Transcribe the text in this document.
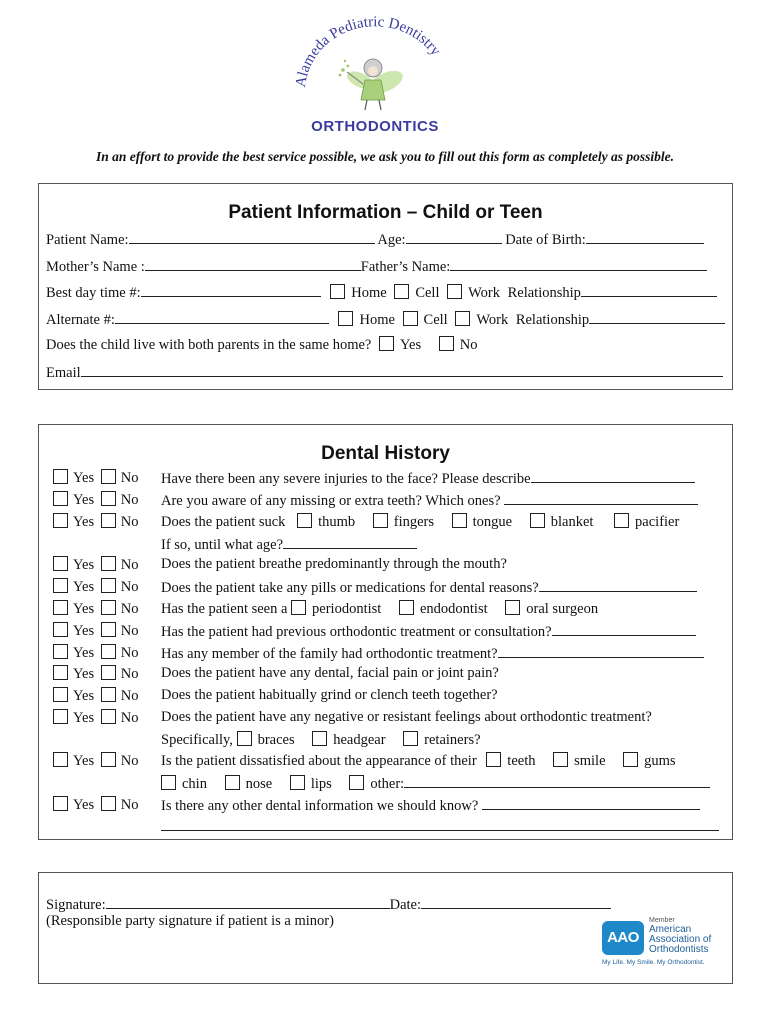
Alameda Pediatric Dentistry
ORTHODONTICS
In an effort to provide the best service possible, we ask you to fill out this form as completely as possible.
Patient Information – Child or Teen
Patient Name:	Age:	Date of Birth:
Mother’s Name :	Father’s Name:
Best day time #:	Home Cell Work Relationship
Alternate #:	Home Cell Work Relationship
Does the child live with both parents in the same home? Yes	No
Email
Dental History
Yes No Have there been any severe injuries to the face? Please describe
Yes No Are you aware of any missing or extra teeth? Which ones?
Yes No Does the patient suck thumb	fingers	tongue	blanket	pacifier
If so, until what age?
Yes No Does the patient breathe predominantly through the mouth?
Yes No Does the patient take any pills or medications for dental reasons?
Yes No Has the patient seen a periodontist	endodontist	oral surgeon
Yes No Has the patient had previous orthodontic treatment or consultation?
Yes No Has any member of the family had orthodontic treatment?
Yes No Does the patient have any dental, facial pain or joint pain?
Yes No Does the patient habitually grind or clench teeth together?
Yes No Does the patient have any negative or resistant feelings about orthodontic treatment?
Specifically, braces	headgear	retainers?
Yes No Is the patient dissatisfied about the appearance of their teeth	smile	gums
chin	nose	lips	other:
Yes No Is there any other dental information we should know?
Signature:	Date:
(Responsible party signature if patient is a minor)
AAO
Member
American
Association of
Orthodontists
My Life. My Smile. My Orthodontist.
